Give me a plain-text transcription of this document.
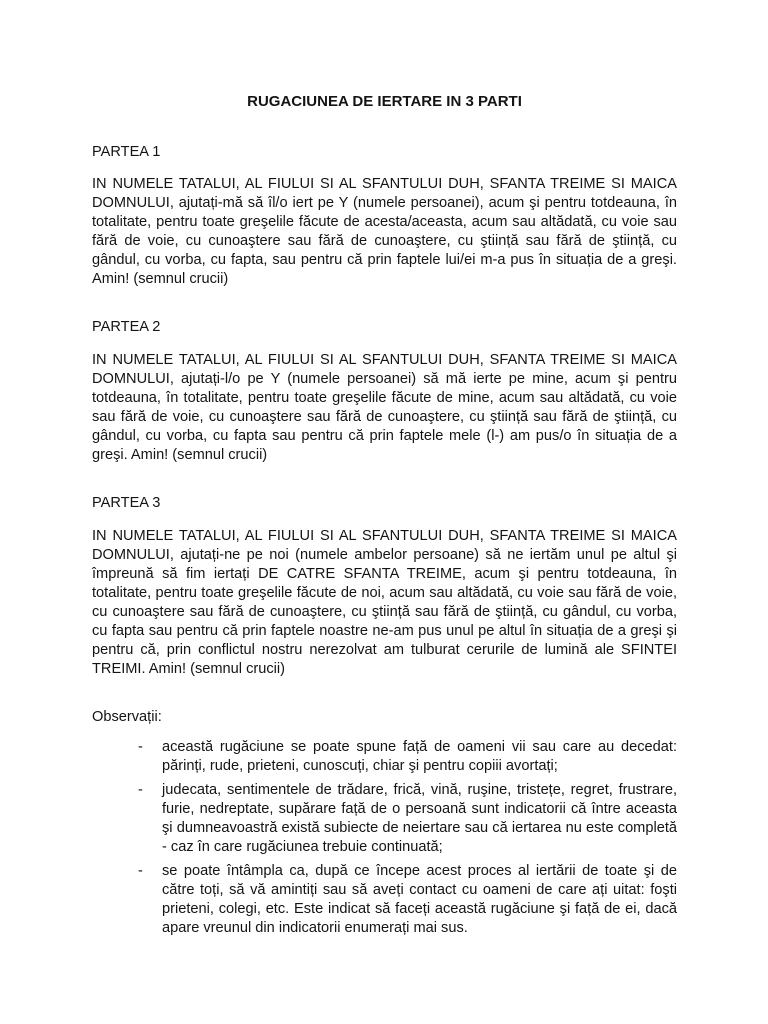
RUGACIUNEA DE IERTARE IN 3 PARTI
PARTEA 1

IN NUMELE TATALUI, AL FIULUI SI AL SFANTULUI DUH, SFANTA TREIME SI MAICA DOMNULUI, ajutați-mă să îl/o iert pe Y (numele persoanei), acum şi pentru totdeauna, în totalitate, pentru toate greşelile făcute de acesta/aceasta, acum sau altădată, cu voie sau fără de voie, cu cunoaştere sau fără de cunoaştere, cu ştiință sau fără de ştiință, cu gândul, cu vorba, cu fapta, sau pentru că prin faptele lui/ei m-a pus în situația de a greşi. Amin! (semnul crucii)

PARTEA 2

IN NUMELE TATALUI, AL FIULUI SI AL SFANTULUI DUH, SFANTA TREIME SI MAICA DOMNULUI, ajutați-l/o pe Y (numele persoanei) să mă ierte pe mine, acum şi pentru totdeauna, în totalitate, pentru toate greşelile făcute de mine, acum sau altădată, cu voie sau fără de voie, cu cunoaştere sau fără de cunoaştere, cu ştiință sau fără de ştiință, cu gândul, cu vorba, cu fapta sau pentru că prin faptele mele (l-) am pus/o în situația de a greşi. Amin! (semnul crucii)

PARTEA 3

IN NUMELE TATALUI, AL FIULUI SI AL SFANTULUI DUH, SFANTA TREIME SI MAICA DOMNULUI, ajutați-ne pe noi (numele ambelor persoane) să ne iertăm unul pe altul şi împreună să fim iertați DE CATRE SFANTA TREIME, acum şi pentru totdeauna, în totalitate, pentru toate greşelile făcute de noi, acum sau altădată, cu voie sau fără de voie, cu cunoaştere sau fără de cunoaştere, cu ştiință sau fără de ştiință, cu gândul, cu vorba, cu fapta sau pentru că prin faptele noastre ne-am pus unul pe altul în situația de a greşi şi pentru că, prin conflictul nostru nerezolvat am tulburat cerurile de lumină ale SFINTEI TREIMI. Amin! (semnul crucii)

Observații:

- această rugăciune se poate spune față de oameni vii sau care au decedat: părinți, rude, prieteni, cunoscuți, chiar şi pentru copiii avortați;
- judecata, sentimentele de trădare, frică, vină, ruşine, tristețe, regret, frustrare, furie, nedreptate, supărare față de o persoană sunt indicatorii că între aceasta şi dumneavoastră există subiecte de neiertare sau că iertarea nu este completă - caz în care rugăciunea trebuie continuată;
- se poate întâmpla ca, după ce începe acest proces al iertării de toate şi de către toți, să vă amintiți sau să aveți contact cu oameni de care ați uitat: foşti prieteni, colegi, etc. Este indicat să faceți această rugăciune şi față de ei, dacă apare vreunul din indicatorii enumerați mai sus.
